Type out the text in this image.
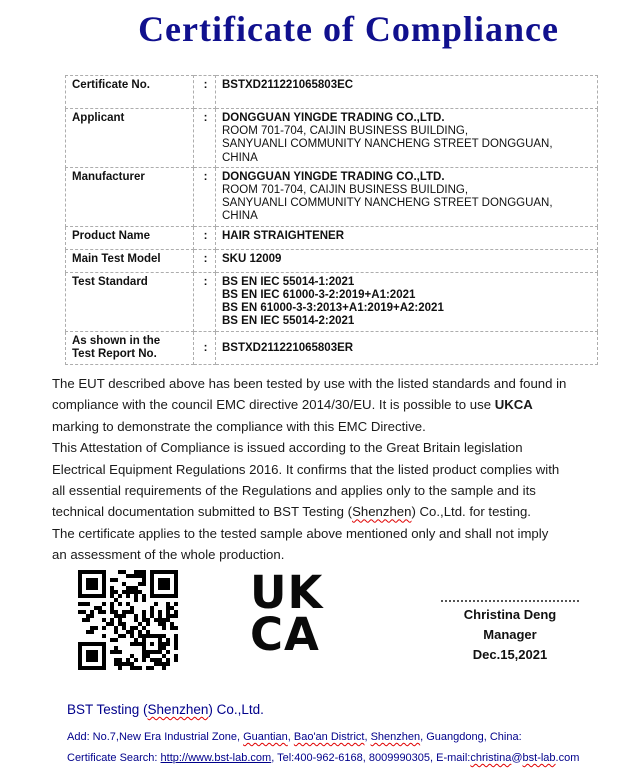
Certificate of Compliance
Certificate No.	:	BSTXD211221065803EC

Applicant	:	DONGGUAN YINGDE TRADING CO.,LTD.
ROOM 701-704, CAIJIN BUSINESS BUILDING,
SANYUANLI COMMUNITY NANCHENG STREET DONGGUAN,
CHINA

Manufacturer	:	DONGGUAN YINGDE TRADING CO.,LTD.
ROOM 701-704, CAIJIN BUSINESS BUILDING,
SANYUANLI COMMUNITY NANCHENG STREET DONGGUAN,
CHINA

Product Name	:	HAIR STRAIGHTENER

Main Test Model	:	SKU 12009

Test Standard	:	BS EN IEC 55014-1:2021
BS EN IEC 61000-3-2:2019+A1:2021
BS EN 61000-3-3:2013+A1:2019+A2:2021
BS EN IEC 55014-2:2021

As shown in the
Test Report No.	:	BSTXD211221065803ER
The EUT described above has been tested by use with the listed standards and found in
compliance with the council EMC directive 2014/30/EU. It is possible to use UKCA
marking to demonstrate the compliance with this EMC Directive.
This Attestation of Compliance is issued according to the Great Britain legislation
Electrical Equipment Regulations 2016. It confirms that the listed product complies with
all essential requirements of the Regulations and applies only to the sample and its
technical documentation submitted to BST Testing (Shenzhen) Co.,Ltd. for testing.
The certificate applies to the tested sample above mentioned only and shall not imply
an assessment of the whole production.
UK
CA	Christina Deng
Manager
Dec.15,2021
BST Testing (Shenzhen) Co.,Ltd.
Add: No.7,New Era Industrial Zone, Guantian, Bao'an District, Shenzhen, Guangdong, China:
Certificate Search: http://www.bst-lab.com, Tel:400-962-6168, 8009990305, E-mail:christina@bst-lab.com
